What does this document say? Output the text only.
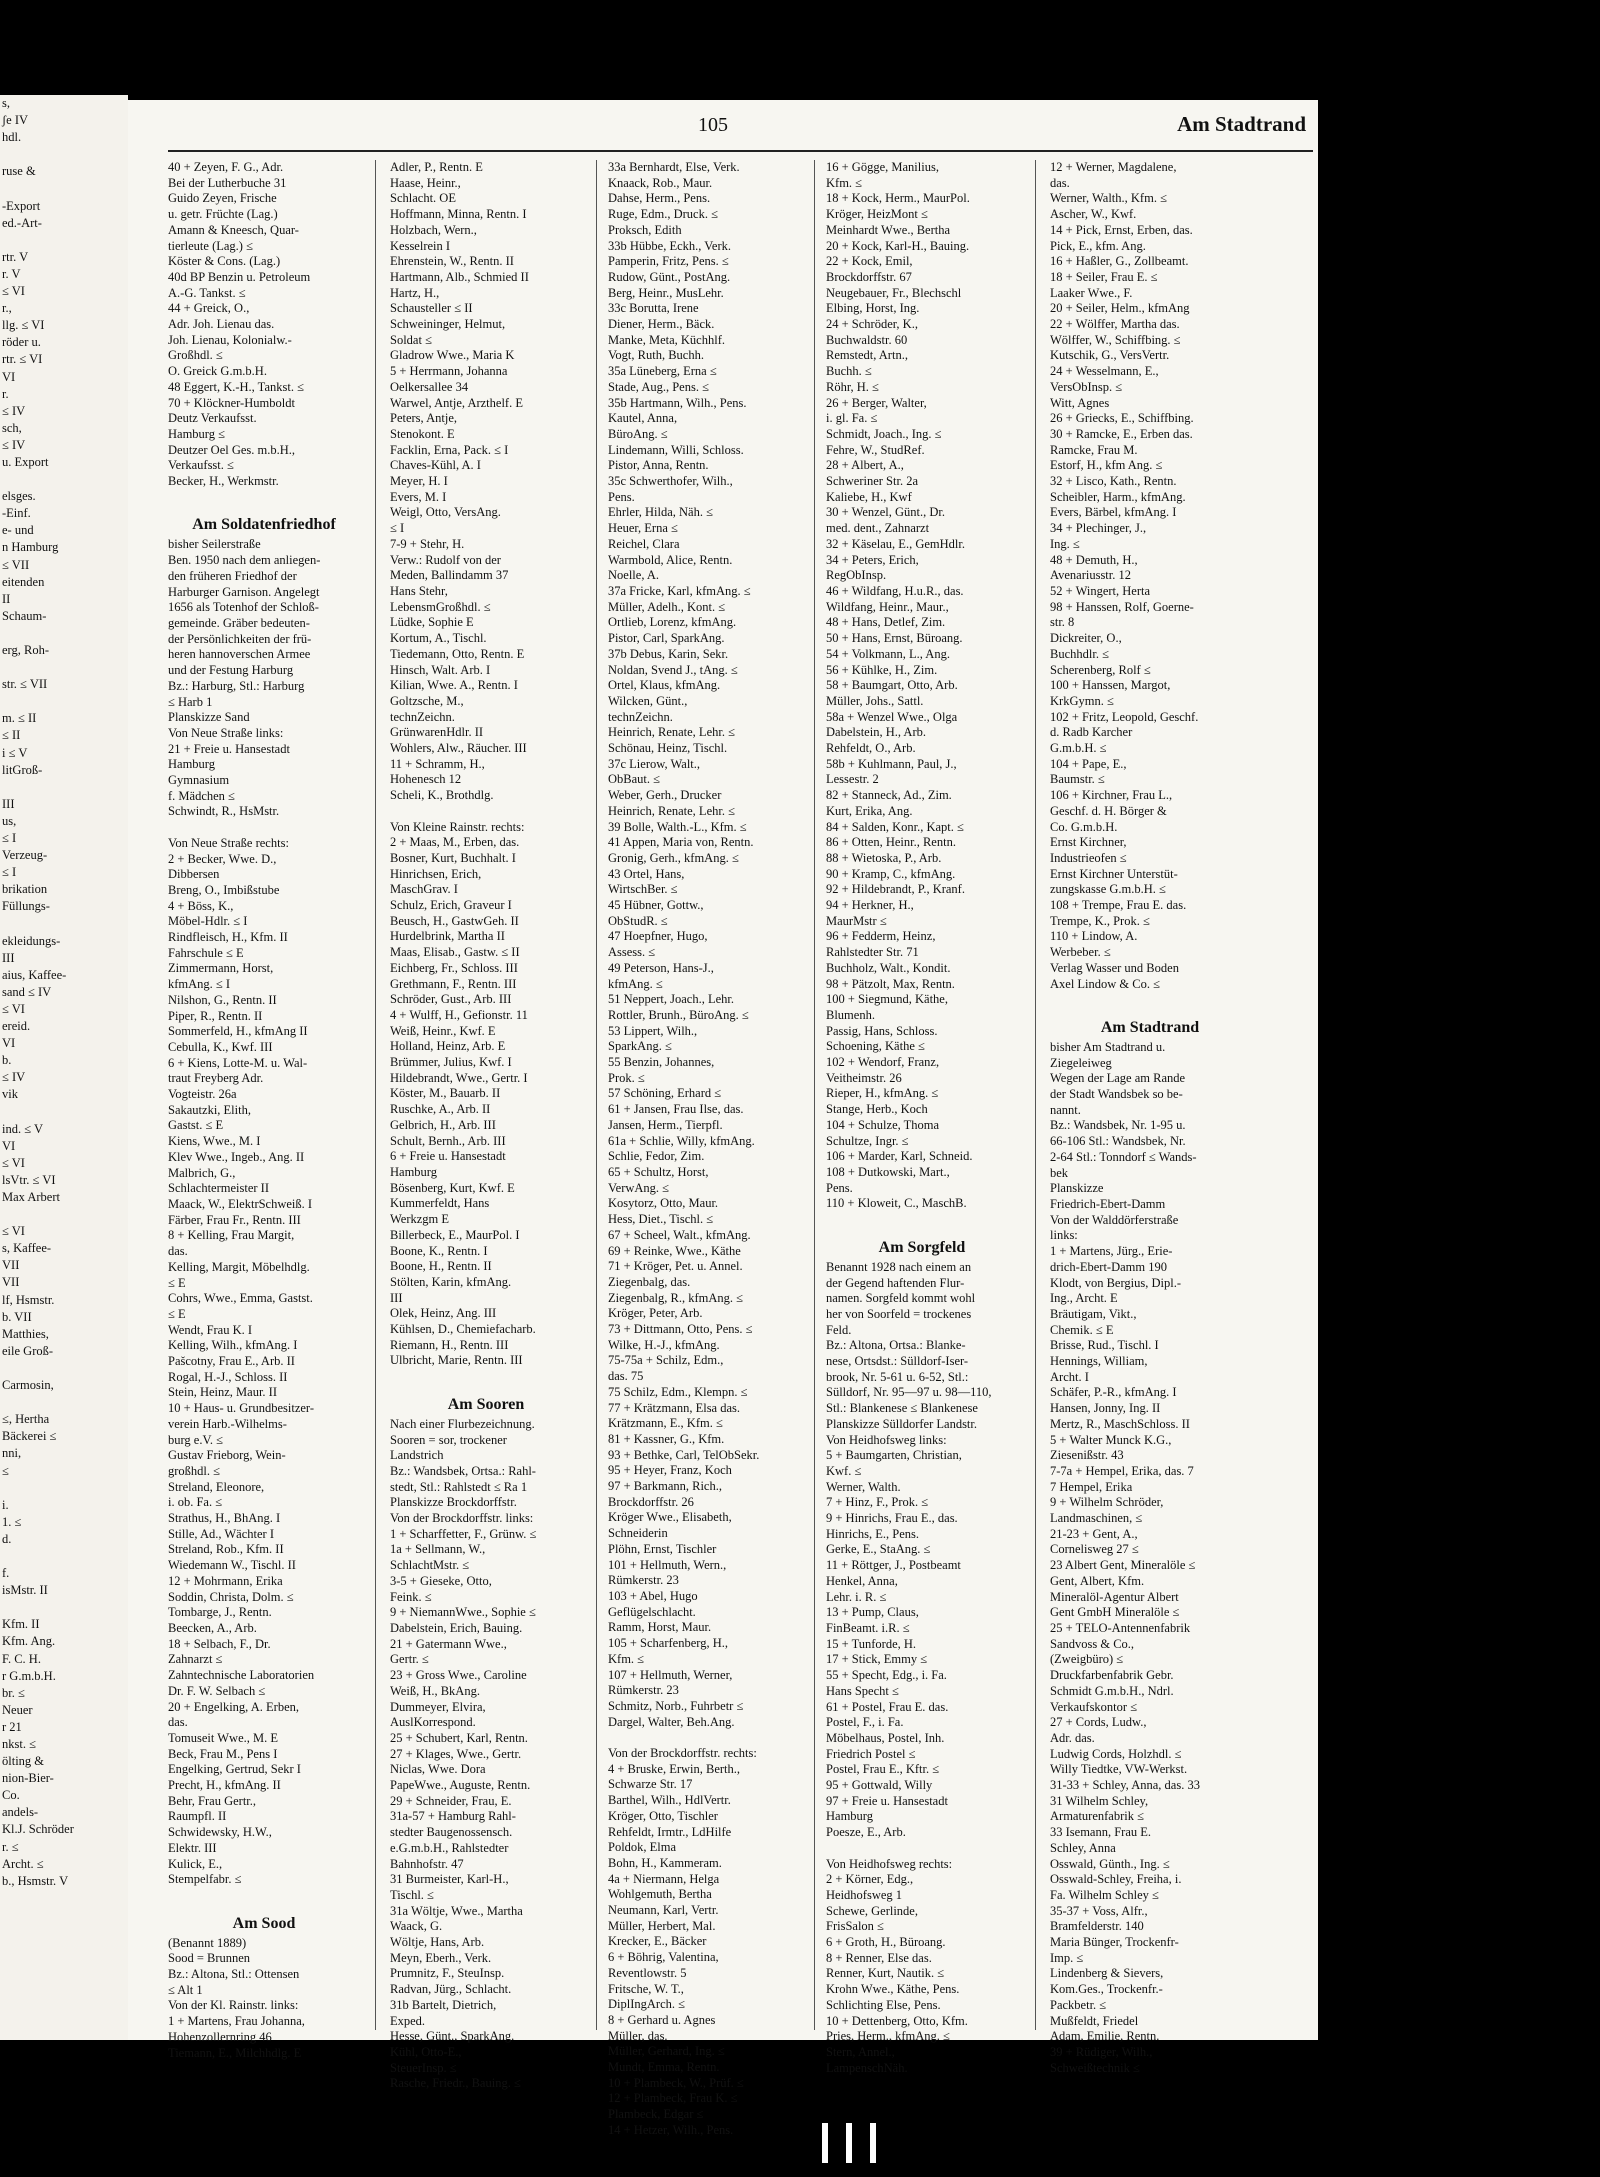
s,
ʃe IV
hdl.

ruse &

-Export
ed.-Art-

rtr. V
r. V
≤ VI
r.,
llg. ≤ VI
röder u.
rtr. ≤ VI
VI
r.
≤ IV
sch,
≤ IV
u. Export

elsges.
-Einf.
e- und
n Hamburg
≤ VII
eitenden
II
Schaum-

erg, Roh-

str. ≤ VII

m. ≤ II
≤ II
i ≤ V
litGroß-

III
us,
≤ I
Verzeug-
≤ I
brikation
Füllungs-

ekleidungs-
III
aius, Kaffee-
sand ≤ IV
≤ VI
ereid.
VI
b.
≤ IV
vik

ind. ≤ V
VI
≤ VI
lsVtr. ≤ VI
Max Arbert

≤ VI
s, Kaffee-
VII
VII
lf, Hsmstr.
b. VII
Matthies,
eile Groß-

Carmosin,

≤, Hertha
Bäckerei ≤
nni,
≤

i.
1. ≤
d.

f.
isMstr. II

Kfm. II
Kfm. Ang.
F. C. H.
r G.m.b.H.
br. ≤
Neuer
r 21
nkst. ≤
ölting &
nion-Bier-
Co.
andels-
Kl.J. Schröder
r. ≤
Archt. ≤
b., Hsmstr. V
105	Am Stadtrand
40 + Zeyen, F. G., Adr.
Bei der Lutherbuche 31
Guido Zeyen, Frische
u. getr. Früchte (Lag.)
Amann & Kneesch, Quar-
tierleute (Lag.) ≤
Köster & Cons. (Lag.)
40d BP Benzin u. Petroleum
A.-G. Tankst. ≤
44 + Greick, O.,
Adr. Joh. Lienau das.
Joh. Lienau, Kolonialw.-
Großhdl. ≤
O. Greick G.m.b.H.
48 Eggert, K.-H., Tankst. ≤
70 + Klöckner-Humboldt
Deutz Verkaufsst.
Hamburg ≤
Deutzer Oel Ges. m.b.H.,
Verkaufsst. ≤
Becker, H., Werkmstr.

Am Soldatenfriedhof
bisher Seilerstraße
Ben. 1950 nach dem anliegen-
den früheren Friedhof der
Harburger Garnison. Angelegt
1656 als Totenhof der Schloß-
gemeinde. Gräber bedeuten-
der Persönlichkeiten der frü-
heren hannoverschen Armee
und der Festung Harburg
Bz.: Harburg, Stl.: Harburg
≤ Harb 1
Planskizze Sand
Von Neue Straße links:
21 + Freie u. Hansestadt
Hamburg
Gymnasium
f. Mädchen ≤
Schwindt, R., HsMstr.

Von Neue Straße rechts:
2 + Becker, Wwe. D.,
Dibbersen
Breng, O., Imbißstube
4 + Böss, K.,
Möbel-Hdlr. ≤ I
Rindfleisch, H., Kfm. II
Fahrschule ≤ E
Zimmermann, Horst,
kfmAng. ≤ I
Nilshon, G., Rentn. II
Piper, R., Rentn. II
Sommerfeld, H., kfmAng II
Cebulla, K., Kwf. III
6 + Kiens, Lotte-M. u. Wal-
traut Freyberg Adr.
Vogteistr. 26a
Sakautzki, Elith,
Gastst. ≤ E
Kiens, Wwe., M. I
Klev Wwe., Ingeb., Ang. II
Malbrich, G.,
Schlachtermeister II
Maack, W., ElektrSchweiß. I
Färber, Frau Fr., Rentn. III
8 + Kelling, Frau Margit,
das.
Kelling, Margit, Möbelhdlg.
≤ E
Cohrs, Wwe., Emma, Gastst.
≤ E
Wendt, Frau K. I
Kelling, Wilh., kfmAng. I
Pašcotny, Frau E., Arb. II
Rogal, H.-J., Schloss. II
Stein, Heinz, Maur. II
10 + Haus- u. Grundbesitzer-
verein Harb.-Wilhelms-
burg e.V. ≤
Gustav Frieborg, Wein-
großhdl. ≤
Streland, Eleonore,
i. ob. Fa. ≤
Strathus, H., BhAng. I
Stille, Ad., Wächter I
Streland, Rob., Kfm. II
Wiedemann W., Tischl. II
12 + Mohrmann, Erika
Soddin, Christa, Dolm. ≤
Tombarge, J., Rentn.
Beecken, A., Arb.
18 + Selbach, F., Dr.
Zahnarzt ≤
Zahntechnische Laboratorien
Dr. F. W. Selbach ≤
20 + Engelking, A. Erben,
das.
Tomuseit Wwe., M. E
Beck, Frau M., Pens I
Engelking, Gertrud, Sekr I
Precht, H., kfmAng. II
Behr, Frau Gertr.,
Raumpfl. II
Schwidewsky, H.W.,
Elektr. III
Kulick, E.,
Stempelfabr. ≤

Am Sood
(Benannt 1889)
Sood = Brunnen
Bz.: Altona, Stl.: Ottensen
≤ Alt 1
Von der Kl. Rainstr. links:
1 + Martens, Frau Johanna,
Hohenzollernring 46
Tiemann, E., Milchhdlg. E
Adler, P., Rentn. E
Haase, Heinr.,
Schlacht. OE
Hoffmann, Minna, Rentn. I
Holzbach, Wern.,
Kesselrein I
Ehrenstein, W., Rentn. II
Hartmann, Alb., Schmied II
Hartz, H.,
Schausteller ≤ II
Schweininger, Helmut,
Soldat ≤
Gladrow Wwe., Maria K
5 + Herrmann, Johanna
Oelkersallee 34
Warwel, Antje, Arzthelf. E
Peters, Antje,
Stenokont. E
Facklin, Erna, Pack. ≤ I
Chaves-Kühl, A. I
Meyer, H. I
Evers, M. I
Weigl, Otto, VersAng.
≤ I
7-9 + Stehr, H.
Verw.: Rudolf von der
Meden, Ballindamm 37
Hans Stehr,
LebensmGroßhdl. ≤
Lüdke, Sophie E
Kortum, A., Tischl.
Tiedemann, Otto, Rentn. E
Hinsch, Walt. Arb. I
Kilian, Wwe. A., Rentn. I
Goltzsche, M.,
technZeichn.
GrünwarenHdlr. II
Wohlers, Alw., Räucher. III
11 + Schramm, H.,
Hohenesch 12
Scheli, K., Brothdlg.

Von Kleine Rainstr. rechts:
2 + Maas, M., Erben, das.
Bosner, Kurt, Buchhalt. I
Hinrichsen, Erich,
MaschGrav. I
Schulz, Erich, Graveur I
Beusch, H., GastwGeh. II
Hurdelbrink, Martha II
Maas, Elisab., Gastw. ≤ II
Eichberg, Fr., Schloss. III
Grethmann, F., Rentn. III
Schröder, Gust., Arb. III
4 + Wulff, H., Gefionstr. 11
Weiß, Heinr., Kwf. E
Holland, Heinz, Arb. E
Brümmer, Julius, Kwf. I
Hildebrandt, Wwe., Gertr. I
Köster, M., Bauarb. II
Ruschke, A., Arb. II
Gelbrich, H., Arb. III
Schult, Bernh., Arb. III
6 + Freie u. Hansestadt
Hamburg
Bösenberg, Kurt, Kwf. E
Kummerfeldt, Hans
Werkzgm E
Billerbeck, E., MaurPol. I
Boone, K., Rentn. I
Boone, H., Rentn. II
Stölten, Karin, kfmAng.
III
Olek, Heinz, Ang. III
Kühlsen, D., Chemiefacharb.
Riemann, H., Rentn. III
Ulbricht, Marie, Rentn. III

Am Sooren
Nach einer Flurbezeichnung.
Sooren = sor, trockener
Landstrich
Bz.: Wandsbek, Ortsa.: Rahl-
stedt, Stl.: Rahlstedt ≤ Ra 1
Planskizze Brockdorffstr.
Von der Brockdorffstr. links:
1 + Scharffetter, F., Grünw. ≤
1a + Sellmann, W.,
SchlachtMstr. ≤
3-5 + Gieseke, Otto,
Feink. ≤
9 + NiemannWwe., Sophie ≤
Dabelstein, Erich, Bauing.
21 + Gatermann Wwe.,
Gertr. ≤
23 + Gross Wwe., Caroline
Weiß, H., BkAng.
Dummeyer, Elvira,
AuslKorrespond.
25 + Schubert, Karl, Rentn.
27 + Klages, Wwe., Gertr.
Niclas, Wwe. Dora
PapeWwe., Auguste, Rentn.
29 + Schneider, Frau, E.
31a-57 + Hamburg Rahl-
stedter Baugenossensch.
e.G.m.b.H., Rahlstedter
Bahnhofstr. 47
31 Burmeister, Karl-H.,
Tischl. ≤
31a Wöltje, Wwe., Martha
Waack, G.
Wöltje, Hans, Arb.
Meyn, Eberh., Verk.
Prumnitz, F., SteuInsp.
Radvan, Jürg., Schlacht.
31b Bartelt, Dietrich,
Exped.
Hesse, Günt., SparkAng.
Kühl, Otto-E.,
SteuerInsp. ≤
Rasche, Friedr., Bauing. ≤
33a Bernhardt, Else, Verk.
Knaack, Rob., Maur.
Dahse, Herm., Pens.
Ruge, Edm., Druck. ≤
Proksch, Edith
33b Hübbe, Eckh., Verk.
Pamperin, Fritz, Pens. ≤
Rudow, Günt., PostAng.
Berg, Heinr., MusLehr.
33c Borutta, Irene
Diener, Herm., Bäck.
Manke, Meta, Küchhlf.
Vogt, Ruth, Buchh.
35a Lüneberg, Erna ≤
Stade, Aug., Pens. ≤
35b Hartmann, Wilh., Pens.
Kautel, Anna,
BüroAng. ≤
Lindemann, Willi, Schloss.
Pistor, Anna, Rentn.
35c Schwerthofer, Wilh.,
Pens.
Ehrler, Hilda, Näh. ≤
Heuer, Erna ≤
Reichel, Clara
Warmbold, Alice, Rentn.
Noelle, A.
37a Fricke, Karl, kfmAng. ≤
Müller, Adelh., Kont. ≤
Ortlieb, Lorenz, kfmAng.
Pistor, Carl, SparkAng.
37b Debus, Karin, Sekr.
Noldan, Svend J., tAng. ≤
Ortel, Klaus, kfmAng.
Wilcken, Günt.,
technZeichn.
Heinrich, Renate, Lehr. ≤
Schönau, Heinz, Tischl.
37c Lierow, Walt.,
ObBaut. ≤
Weber, Gerh., Drucker
Heinrich, Renate, Lehr. ≤
39 Bolle, Walth.-L., Kfm. ≤
41 Appen, Maria von, Rentn.
Gronig, Gerh., kfmAng. ≤
43 Ortel, Hans,
WirtschBer. ≤
45 Hübner, Gottw.,
ObStudR. ≤
47 Hoepfner, Hugo,
Assess. ≤
49 Peterson, Hans-J.,
kfmAng. ≤
51 Neppert, Joach., Lehr.
Rottler, Brunh., BüroAng. ≤
53 Lippert, Wilh.,
SparkAng. ≤
55 Benzin, Johannes,
Prok. ≤
57 Schöning, Erhard ≤
61 + Jansen, Frau Ilse, das.
Jansen, Herm., Tierpfl.
61a + Schlie, Willy, kfmAng.
Schlie, Fedor, Zim.
65 + Schultz, Horst,
VerwAng. ≤
Kosytorz, Otto, Maur.
Hess, Diet., Tischl. ≤
67 + Scheel, Walt., kfmAng.
69 + Reinke, Wwe., Käthe
71 + Kröger, Pet. u. Annel.
Ziegenbalg, das.
Ziegenbalg, R., kfmAng. ≤
Kröger, Peter, Arb.
73 + Dittmann, Otto, Pens. ≤
Wilke, H.-J., kfmAng.
75-75a + Schilz, Edm.,
das. 75
75 Schilz, Edm., Klempn. ≤
77 + Krätzmann, Elsa das.
Krätzmann, E., Kfm. ≤
81 + Kassner, G., Kfm.
93 + Bethke, Carl, TelObSekr.
95 + Heyer, Franz, Koch
97 + Barkmann, Rich.,
Brockdorffstr. 26
Kröger Wwe., Elisabeth,
Schneiderin
Plöhn, Ernst, Tischler
101 + Hellmuth, Wern.,
Rümkerstr. 23
103 + Abel, Hugo
Geflügelschlacht.
Ramm, Horst, Maur.
105 + Scharfenberg, H.,
Kfm. ≤
107 + Hellmuth, Werner,
Rümkerstr. 23
Schmitz, Norb., Fuhrbetr ≤
Dargel, Walter, Beh.Ang.

Von der Brockdorffstr. rechts:
4 + Bruske, Erwin, Berth.,
Schwarze Str. 17
Barthel, Wilh., HdlVertr.
Kröger, Otto, Tischler
Rehfeldt, Irmtr., LdHilfe
Poldok, Elma
Bohn, H., Kammeram.
4a + Niermann, Helga
Wohlgemuth, Bertha
Neumann, Karl, Vertr.
Müller, Herbert, Mal.
Krecker, E., Bäcker
6 + Böhrig, Valentina,
Reventlowstr. 5
Fritsche, W. T.,
DiplIngArch. ≤
8 + Gerhard u. Agnes
Müller, das.
Müller, Gerhard, Ing. ≤
Mundt, Emma, Rentn.
10 + Plambeck, W., Prüf. ≤
12 + Plambeck, Frau K. ≤
Plambeck, Edgar ≤
14 + Hetzer, Wilh., Pens.
16 + Gögge, Manilius,
Kfm. ≤
18 + Kock, Herm., MaurPol.
Kröger, HeizMont ≤
Meinhardt Wwe., Bertha
20 + Kock, Karl-H., Bauing.
22 + Kock, Emil,
Brockdorffstr. 67
Neugebauer, Fr., Blechschl
Elbing, Horst, Ing.
24 + Schröder, K.,
Buchwaldstr. 60
Remstedt, Artn.,
Buchh. ≤
Röhr, H. ≤
26 + Berger, Walter,
i. gl. Fa. ≤
Schmidt, Joach., Ing. ≤
Fehre, W., StudRef.
28 + Albert, A.,
Schweriner Str. 2a
Kaliebe, H., Kwf
30 + Wenzel, Günt., Dr.
med. dent., Zahnarzt
32 + Käselau, E., GemHdlr.
34 + Peters, Erich,
RegObInsp.
46 + Wildfang, H.u.R., das.
Wildfang, Heinr., Maur.,
48 + Hans, Detlef, Zim.
50 + Hans, Ernst, Büroang.
54 + Volkmann, L., Ang.
56 + Kühlke, H., Zim.
58 + Baumgart, Otto, Arb.
Müller, Johs., Sattl.
58a + Wenzel Wwe., Olga
Dabelstein, H., Arb.
Rehfeldt, O., Arb.
58b + Kuhlmann, Paul, J.,
Lessestr. 2
82 + Stanneck, Ad., Zim.
Kurt, Erika, Ang.
84 + Salden, Konr., Kapt. ≤
86 + Otten, Heinr., Rentn.
88 + Wietoska, P., Arb.
90 + Kramp, C., kfmAng.
92 + Hildebrandt, P., Kranf.
94 + Herkner, H.,
MaurMstr ≤
96 + Fedderm, Heinz,
Rahlstedter Str. 71
Buchholz, Walt., Kondit.
98 + Pätzolt, Max, Rentn.
100 + Siegmund, Käthe,
Blumenh.
Passig, Hans, Schloss.
Schoening, Käthe ≤
102 + Wendorf, Franz,
Veitheimstr. 26
Rieper, H., kfmAng. ≤
Stange, Herb., Koch
104 + Schulze, Thoma
Schultze, Ingr. ≤
106 + Marder, Karl, Schneid.
108 + Dutkowski, Mart.,
Pens.
110 + Kloweit, C., MaschB.

Am Sorgfeld
Benannt 1928 nach einem an
der Gegend haftenden Flur-
namen. Sorgfeld kommt wohl
her von Soorfeld = trockenes
Feld.
Bz.: Altona, Ortsa.: Blanke-
nese, Ortsdst.: Sülldorf-Iser-
brook, Nr. 5-61 u. 6-52, Stl.:
Sülldorf, Nr. 95—97 u. 98—110,
Stl.: Blankenese ≤ Blankenese
Planskizze Sülldorfer Landstr.
Von Heidhofsweg links:
5 + Baumgarten, Christian,
Kwf. ≤
Werner, Walth.
7 + Hinz, F., Prok. ≤
9 + Hinrichs, Frau E., das.
Hinrichs, E., Pens.
Gerke, E., StaAng. ≤
11 + Röttger, J., Postbeamt
Henkel, Anna,
Lehr. i. R. ≤
13 + Pump, Claus,
FinBeamt. i.R. ≤
15 + Tunforde, H.
17 + Stick, Emmy ≤
55 + Specht, Edg., i. Fa.
Hans Specht ≤
61 + Postel, Frau E. das.
Postel, F., i. Fa.
Möbelhaus, Postel, Inh.
Friedrich Postel ≤
Postel, Frau E., Kftr. ≤
95 + Gottwald, Willy
97 + Freie u. Hansestadt
Hamburg
Poesze, E., Arb.

Von Heidhofsweg rechts:
2 + Körner, Edg.,
Heidhofsweg 1
Schewe, Gerlinde,
FrisSalon ≤
6 + Groth, H., Büroang.
8 + Renner, Else das.
Renner, Kurt, Nautik. ≤
Krohn Wwe., Käthe, Pens.
Schlichting Else, Pens.
10 + Dettenberg, Otto, Kfm.
Pries, Herm., kfmAng. ≤
Stern, Annel.,
LampenschNäh.
12 + Werner, Magdalene,
das.
Werner, Walth., Kfm. ≤
Ascher, W., Kwf.
14 + Pick, Ernst, Erben, das.
Pick, E., kfm. Ang.
16 + Haßler, G., Zollbeamt.
18 + Seiler, Frau E. ≤
Laaker Wwe., F.
20 + Seiler, Helm., kfmAng
22 + Wölffer, Martha das.
Wölffer, W., Schiffbing. ≤
Kutschik, G., VersVertr.
24 + Wesselmann, E.,
VersObInsp. ≤
Witt, Agnes
26 + Griecks, E., Schiffbing.
30 + Ramcke, E., Erben das.
Ramcke, Frau M.
Estorf, H., kfm Ang. ≤
32 + Lisco, Kath., Rentn.
Scheibler, Harm., kfmAng.
Evers, Bärbel, kfmAng. I
34 + Plechinger, J.,
Ing. ≤
48 + Demuth, H.,
Avenariusstr. 12
52 + Wingert, Herta
98 + Hanssen, Rolf, Goerne-
str. 8
Dickreiter, O.,
Buchhdlr. ≤
Scherenberg, Rolf ≤
100 + Hanssen, Margot,
KrkGymn. ≤
102 + Fritz, Leopold, Geschf.
d. Radb Karcher
G.m.b.H. ≤
104 + Pape, E.,
Baumstr. ≤
106 + Kirchner, Frau L.,
Geschf. d. H. Börger &
Co. G.m.b.H.
Ernst Kirchner,
Industrieofen ≤
Ernst Kirchner Unterstüt-
zungskasse G.m.b.H. ≤
108 + Trempe, Frau E. das.
Trempe, K., Prok. ≤
110 + Lindow, A.
Werbeber. ≤
Verlag Wasser und Boden
Axel Lindow & Co. ≤

Am Stadtrand
bisher Am Stadtrand u.
Ziegeleiweg
Wegen der Lage am Rande
der Stadt Wandsbek so be-
nannt.
Bz.: Wandsbek, Nr. 1-95 u.
66-106 Stl.: Wandsbek, Nr.
2-64 Stl.: Tonndorf ≤ Wands-
bek
Planskizze
Friedrich-Ebert-Damm
Von der Walddörferstraße
links:
1 + Martens, Jürg., Erie-
drich-Ebert-Damm 190
Klodt, von Bergius, Dipl.-
Ing., Archt. E
Bräutigam, Vikt.,
Chemik. ≤ E
Brisse, Rud., Tischl. I
Hennings, William,
Archt. I
Schäfer, P.-R., kfmAng. I
Hansen, Jonny, Ing. II
Mertz, R., MaschSchloss. II
5 + Walter Munck K.G.,
Ziesenißstr. 43
7-7a + Hempel, Erika, das. 7
7 Hempel, Erika
9 + Wilhelm Schröder,
Landmaschinen, ≤
21-23 + Gent, A.,
Cornelisweg 27 ≤
23 Albert Gent, Mineralöle ≤
Gent, Albert, Kfm.
Mineralöl-Agentur Albert
Gent GmbH Mineralöle ≤
25 + TELO-Antennenfabrik
Sandvoss & Co.,
(Zweigbüro) ≤
Druckfarbenfabrik Gebr.
Schmidt G.m.b.H., Ndrl.
Verkaufskontor ≤
27 + Cords, Ludw.,
Adr. das.
Ludwig Cords, Holzhdl. ≤
Willy Tiedtke, VW-Werkst.
31-33 + Schley, Anna, das. 33
31 Wilhelm Schley,
Armaturenfabrik ≤
33 Isemann, Frau E.
Schley, Anna
Osswald, Günth., Ing. ≤
Osswald-Schley, Freiha, i.
Fa. Wilhelm Schley ≤
35-37 + Voss, Alfr.,
Bramfelderstr. 140
Maria Bünger, Trockenfr-
Imp. ≤
Lindenberg & Sievers,
Kom.Ges., Trockenfr.-
Packbetr. ≤
Mußfeldt, Friedel
Adam, Emilie, Rentn.
39 + Rüdiger, Wilh.,
Schweißtechnik ≤
